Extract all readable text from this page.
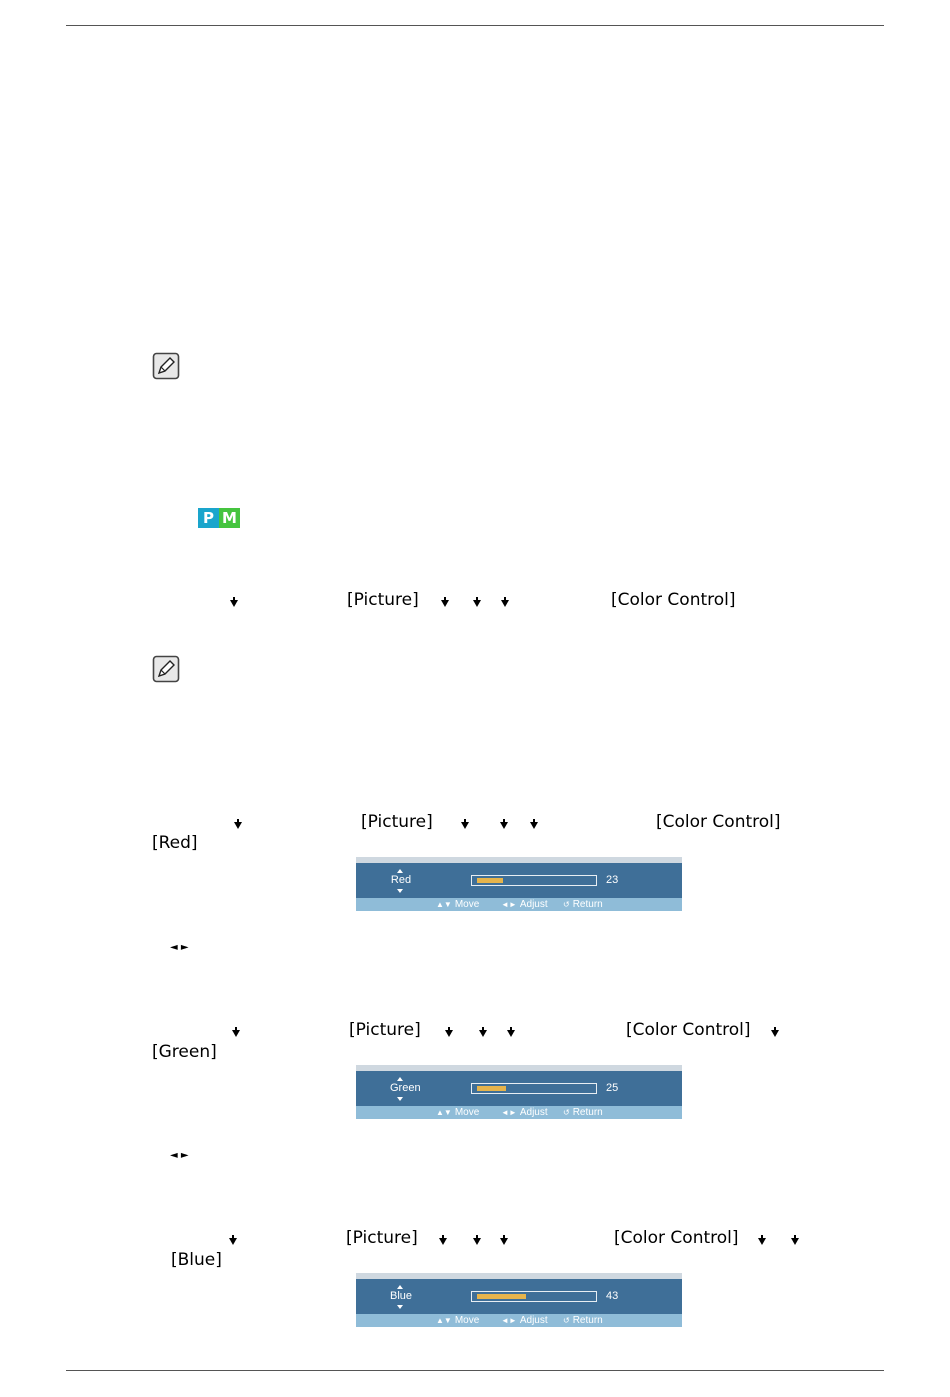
P M
[Picture]	[Color Control]
[Picture]	[Color Control]
[Red]
Red	23
▲▼ Move	◄► Adjust ↺ Return
◄ ►
[Picture]	[Color Control]
[Green]
Green	25
▲▼ Move	◄► Adjust ↺ Return
◄ ►
[Picture]	[Color Control]
[Blue]
Blue	43
▲▼ Move	◄► Adjust ↺ Return
